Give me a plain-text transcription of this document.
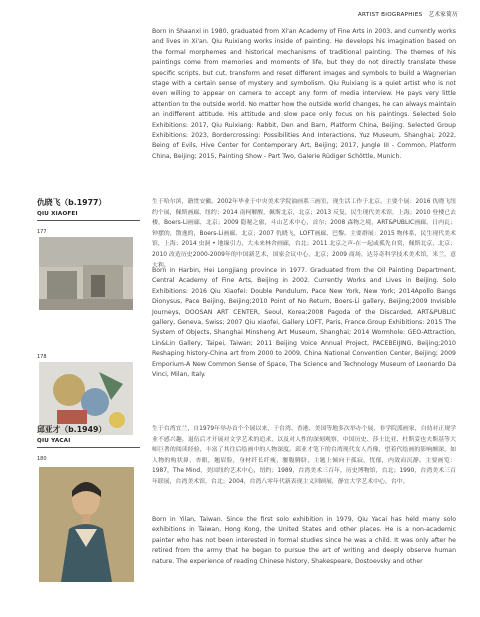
ARTIST BIOGRAPHIES 艺术家简历
Born in Shaanxi in 1980, graduated from Xi'an Academy of Fine Arts in 2003, and currently works and lives in Xi'an. Qiu Ruixiang works inside of painting. He develops his imagination based on the formal morphemes and historical mechanisms of traditional painting. The themes of his paintings come from memories and moments of life, but they do not directly translate these specific scripts, but cut, transform and reset different images and symbols to build a Wagnerian stage with a certain sense of mystery and symbolism. Qiu Ruixiang is a quiet artist who is not even willing to appear on camera to accept any form of media interview. He pays very little attention to the outside world. No matter how the outside world changes, he can always maintain an indifferent attitude. His attitude and slow pace only focus on his paintings. Selected Solo Exhibitions: 2017, Qiu Ruixiang: Rabbit, Den and Barn, Platform China, Beijing. Selected Group Exhibitions: 2023, Bordercrossing: Possibilities And Interactions, Yuz Museum, Shanghai; 2022, Being of Evils, Hive Center for Contemporary Art, Beijing; 2017, Jungle III - Common, Platform China, Beijing; 2015, Painting Show - Part Two, Galerie Rüdiger Schöttle, Munich.
仇晓飞（b.1977）
QIU XIAOFEI
177
178
生于哈尔滨，籍贯安徽。2002年毕业于中央美术学院油画系三画室，现生活工作于北京。主要个展：2016 仇晓飞纽约个展，佩斯画廊，纽约；2014 南柯解醒，佩斯北京，北京；2013 反复，民生现代美术馆，上海；2010 登楼已去楼，Boers-Li画廊，北京；2009 隐秘之旅，斗山艺术中心，首尔；2008 森物之境，ART&PUBLIC画廊，日内瓦；钟摆的，散逸的，Boers-Li画廊，北京；2007 仇晓飞，LOFT画廊，巴黎。主要群展：2015 物体系，民生现代美术馆，上海；2014 虫洞 • 地缘引力，大未来林舍画廊，台北；2011 北京之声-在一起或孤先自赏，佩斯北京，北京；2010 改造历史2000-2009年的中国新艺术，国家会议中心，北京；2009 商场，达芬奇科学技术美术馆，米兰，意大利。
Born in Harbin, Hei Longjiang province in 1977. Graduated from the Oil Painting Department, Central Academy of Fine Arts, Beijing in 2002. Currently Works and Lives in Beijing. Solo Exhibitions: 2016 Qiu Xiaofei: Double Pendulum, Pace New York, New York; 2014Apollo Bangs Dionysus, Pace Beijing, Beijing;2010 Point of No Return, Boers-Li gallery, Beijing;2009 Invisible Journeys, DOOSAN ART CENTER, Seoul, Korea;2008 Pagoda of the Discarded, ART&PUBLIC gallery, Geneva, Swiss; 2007 Qiu xiaofei, Gallery LOFT, Paris, France.Group Exhibitions: 2015 The System of Objects, Shanghai Minsheng Art Museum, Shanghai; 2014 Wormhole: GEO-Attraction, Lin&Lin Gallery, Taipei, Taiwan; 2011 Beijing Voice Annual Project, PACEBEIJING, Beijing;2010 Reshaping history-China art from 2000 to 2009, China National Convention Center, Beijing; 2009 Emporium-A New Common Sense of Space, The Science and Technology Museum of Leonardo Da Vinci, Milan, Italy.
邱亚才（b.1949）
QIU YACAI
180
生于台湾宜兰，自1979年举办首个个展以来，于台湾、香港、美国等地多次举办个展，非学院派画家，自幼对正规学业不感兴趣。退伍后才开展对文学艺术的追求，以及对人性的深刻观察，中国历史、莎士比亚、杜斯妥也夫斯基等大师巨著的阅读经验，丰富了其往后绘画中的人物深度。邱亚才笔下的台湾现代女人肖像，望着代绘画的影响颇深，如人物的构状鼻，杏眼，翘眉脸，身材纤长纤瘦，腰腹腾脐，主题上倾向于孤寂，忧郁，内敛而沉静。主要画览：1987，The Mind，美国纽约艺术中心，纽约；1989，台湾美术三百年，历史博物馆，台北；1990，台湾美术三百年联展，台湾美术馆，台北；2004，台湾八零年代新表现主义回顾展，静宜大学艺术中心，台中。
Born in Yilan, Taiwan. Since the first solo exhibition in 1979, Qiu Yacai has held many solo exhibitions in Taiwan, Hong Kong, the United States and other places. He is a non-academic painter who has not been interested in formal studies since he was a child. It was only after he retired from the army that he began to pursue the art of writing and deeply observe human nature. The experience of reading Chinese history, Shakespeare, Dostoevsky and other
